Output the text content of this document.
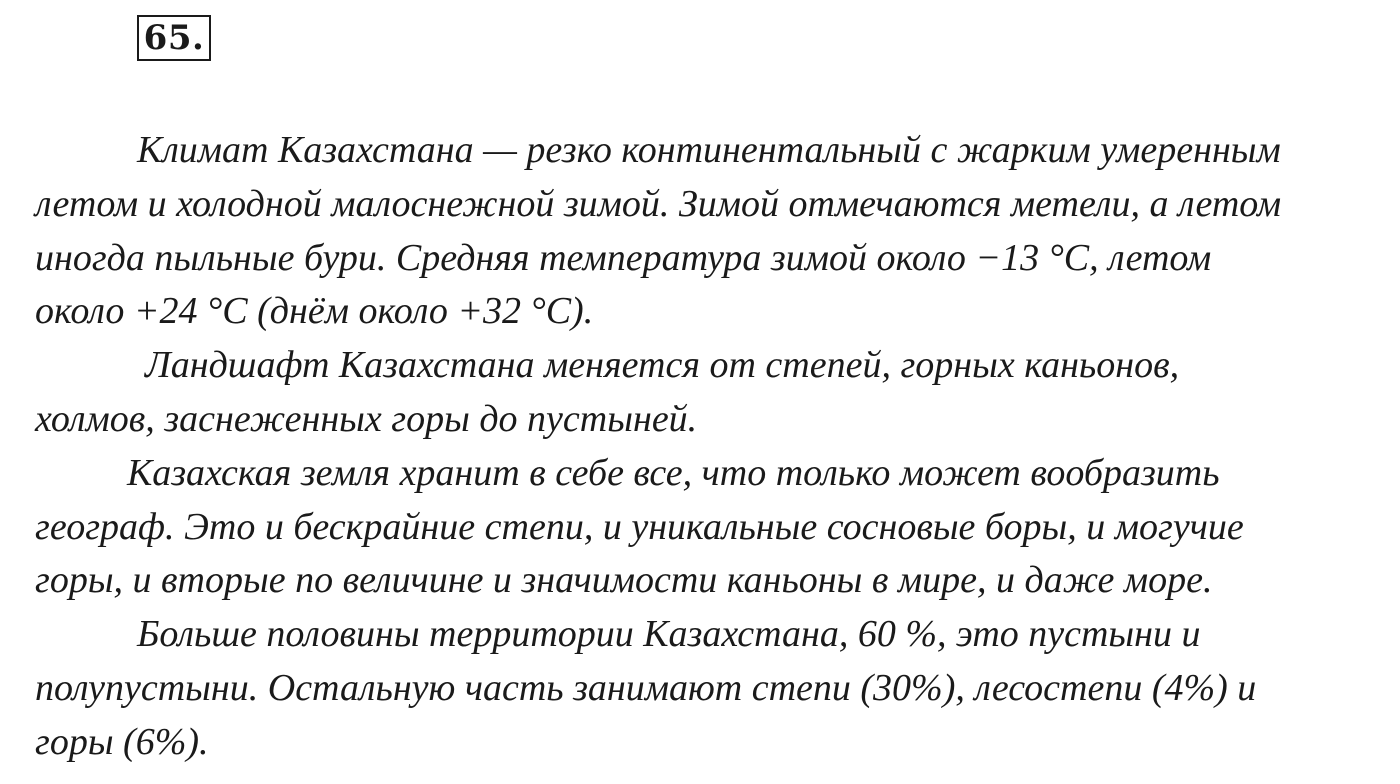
65.
Климат Казахстана — резко континентальный с жарким умеренным
летом и холодной малоснежной зимой. Зимой отмечаются метели, а летом
иногда пыльные бури. Средняя температура зимой около −13 °С, летом
около +24 °С (днём около +32 °С).
Ландшафт Казахстана меняется от степей, горных каньонов,
холмов, заснеженных горы до пустыней.
Казахская земля хранит в себе все, что только может вообразить
географ. Это и бескрайние степи, и уникальные сосновые боры, и могучие
горы, и вторые по величине и значимости каньоны в мире, и даже море.
Больше половины территории Казахстана, 60 %, это пустыни и
полупустыни. Остальную часть занимают степи (30%), лесостепи (4%) и
горы (6%).
